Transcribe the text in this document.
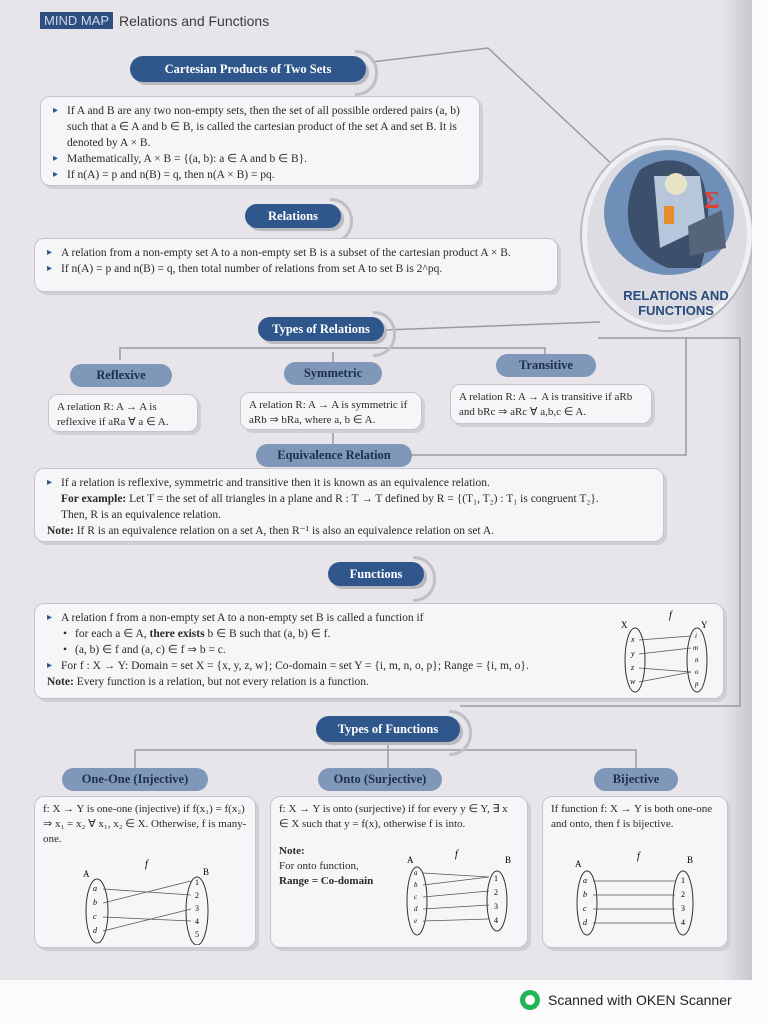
MIND MAP Relations and Functions
Σ
RELATIONS AND FUNCTIONS
Cartesian Products of Two Sets

▸ If A and B are any two non-empty sets, then the set of all possible ordered pairs (a, b) such that a ∈ A and b ∈ B, is called the cartesian product of the set A and set B. It is denoted by A × B.

▸ Mathematically, A × B = {(a, b): a ∈ A and b ∈ B}.

▸ If n(A) = p and n(B) = q, then n(A × B) = pq.

Relations

▸ A relation from a non-empty set A to a non-empty set B is a subset of the cartesian product A × B.

▸ If n(A) = p and n(B) = q, then total number of relations from set A to set B is 2^pq.

Types of Relations
Reflexive	Symmetric
Transitive
A relation R: A → A is reflexive if aRa ∀ a ∈ A.
A relation R: A → A is symmetric if aRb ⇒ bRa, where a, b ∈ A.
A relation R: A → A is transitive if aRb and bRc ⇒ aRc ∀ a,b,c ∈ A.
Equivalence Relation

▸ If a relation is reflexive, symmetric and transitive then it is known as an equivalence relation.

For example: Let T = the set of all triangles in a plane and R : T → T defined by R = {(T₁, T₂) : T₁ is congruent T₂}.

Then, R is an equivalence relation.

Note: If R is an equivalence relation on a set A, then R⁻¹ is also an equivalence relation on set A.

Functions

▸ A relation f from a non-empty set A to a non-empty set B is called a function if

• for each a ∈ A, there exists b ∈ B such that (a, b) ∈ f.

• (a, b) ∈ f and (a, c) ∈ f ⇒ b = c.

▸ For f : X → Y: Domain = set X = {x, y, z, w}; Co-domain = set Y = {i, m, n, o, p}; Range = {i, m, o}.

Note: Every function is a relation, but not every relation is a function.

f
X	Y
x
y
z
w
i
m
n
o
p
Types of Functions
One-One (Injective)	Onto (Surjective)	Bijective

f: X → Y is one-one (injective) if f(x₁) = f(x₂) ⇒ x₁ = x₂ ∀ x₁, x₂ ∈ X. Otherwise, f is many-one.

f
A	B
a
b
c
d
1
2
3
4
5

f: X → Y is onto (surjective) if for every y ∈ Y, ∃ x ∈ X such that y = f(x), otherwise f is into.

Note:

For onto function,

Range = Co-domain

f
A	B
a
b
c
d
e
1
2
3
4

If function f: X → Y is both one-one and onto, then f is bijective.

f
A	B
a
b
c
d
1
2
3
4
Scanned with OKEN Scanner
